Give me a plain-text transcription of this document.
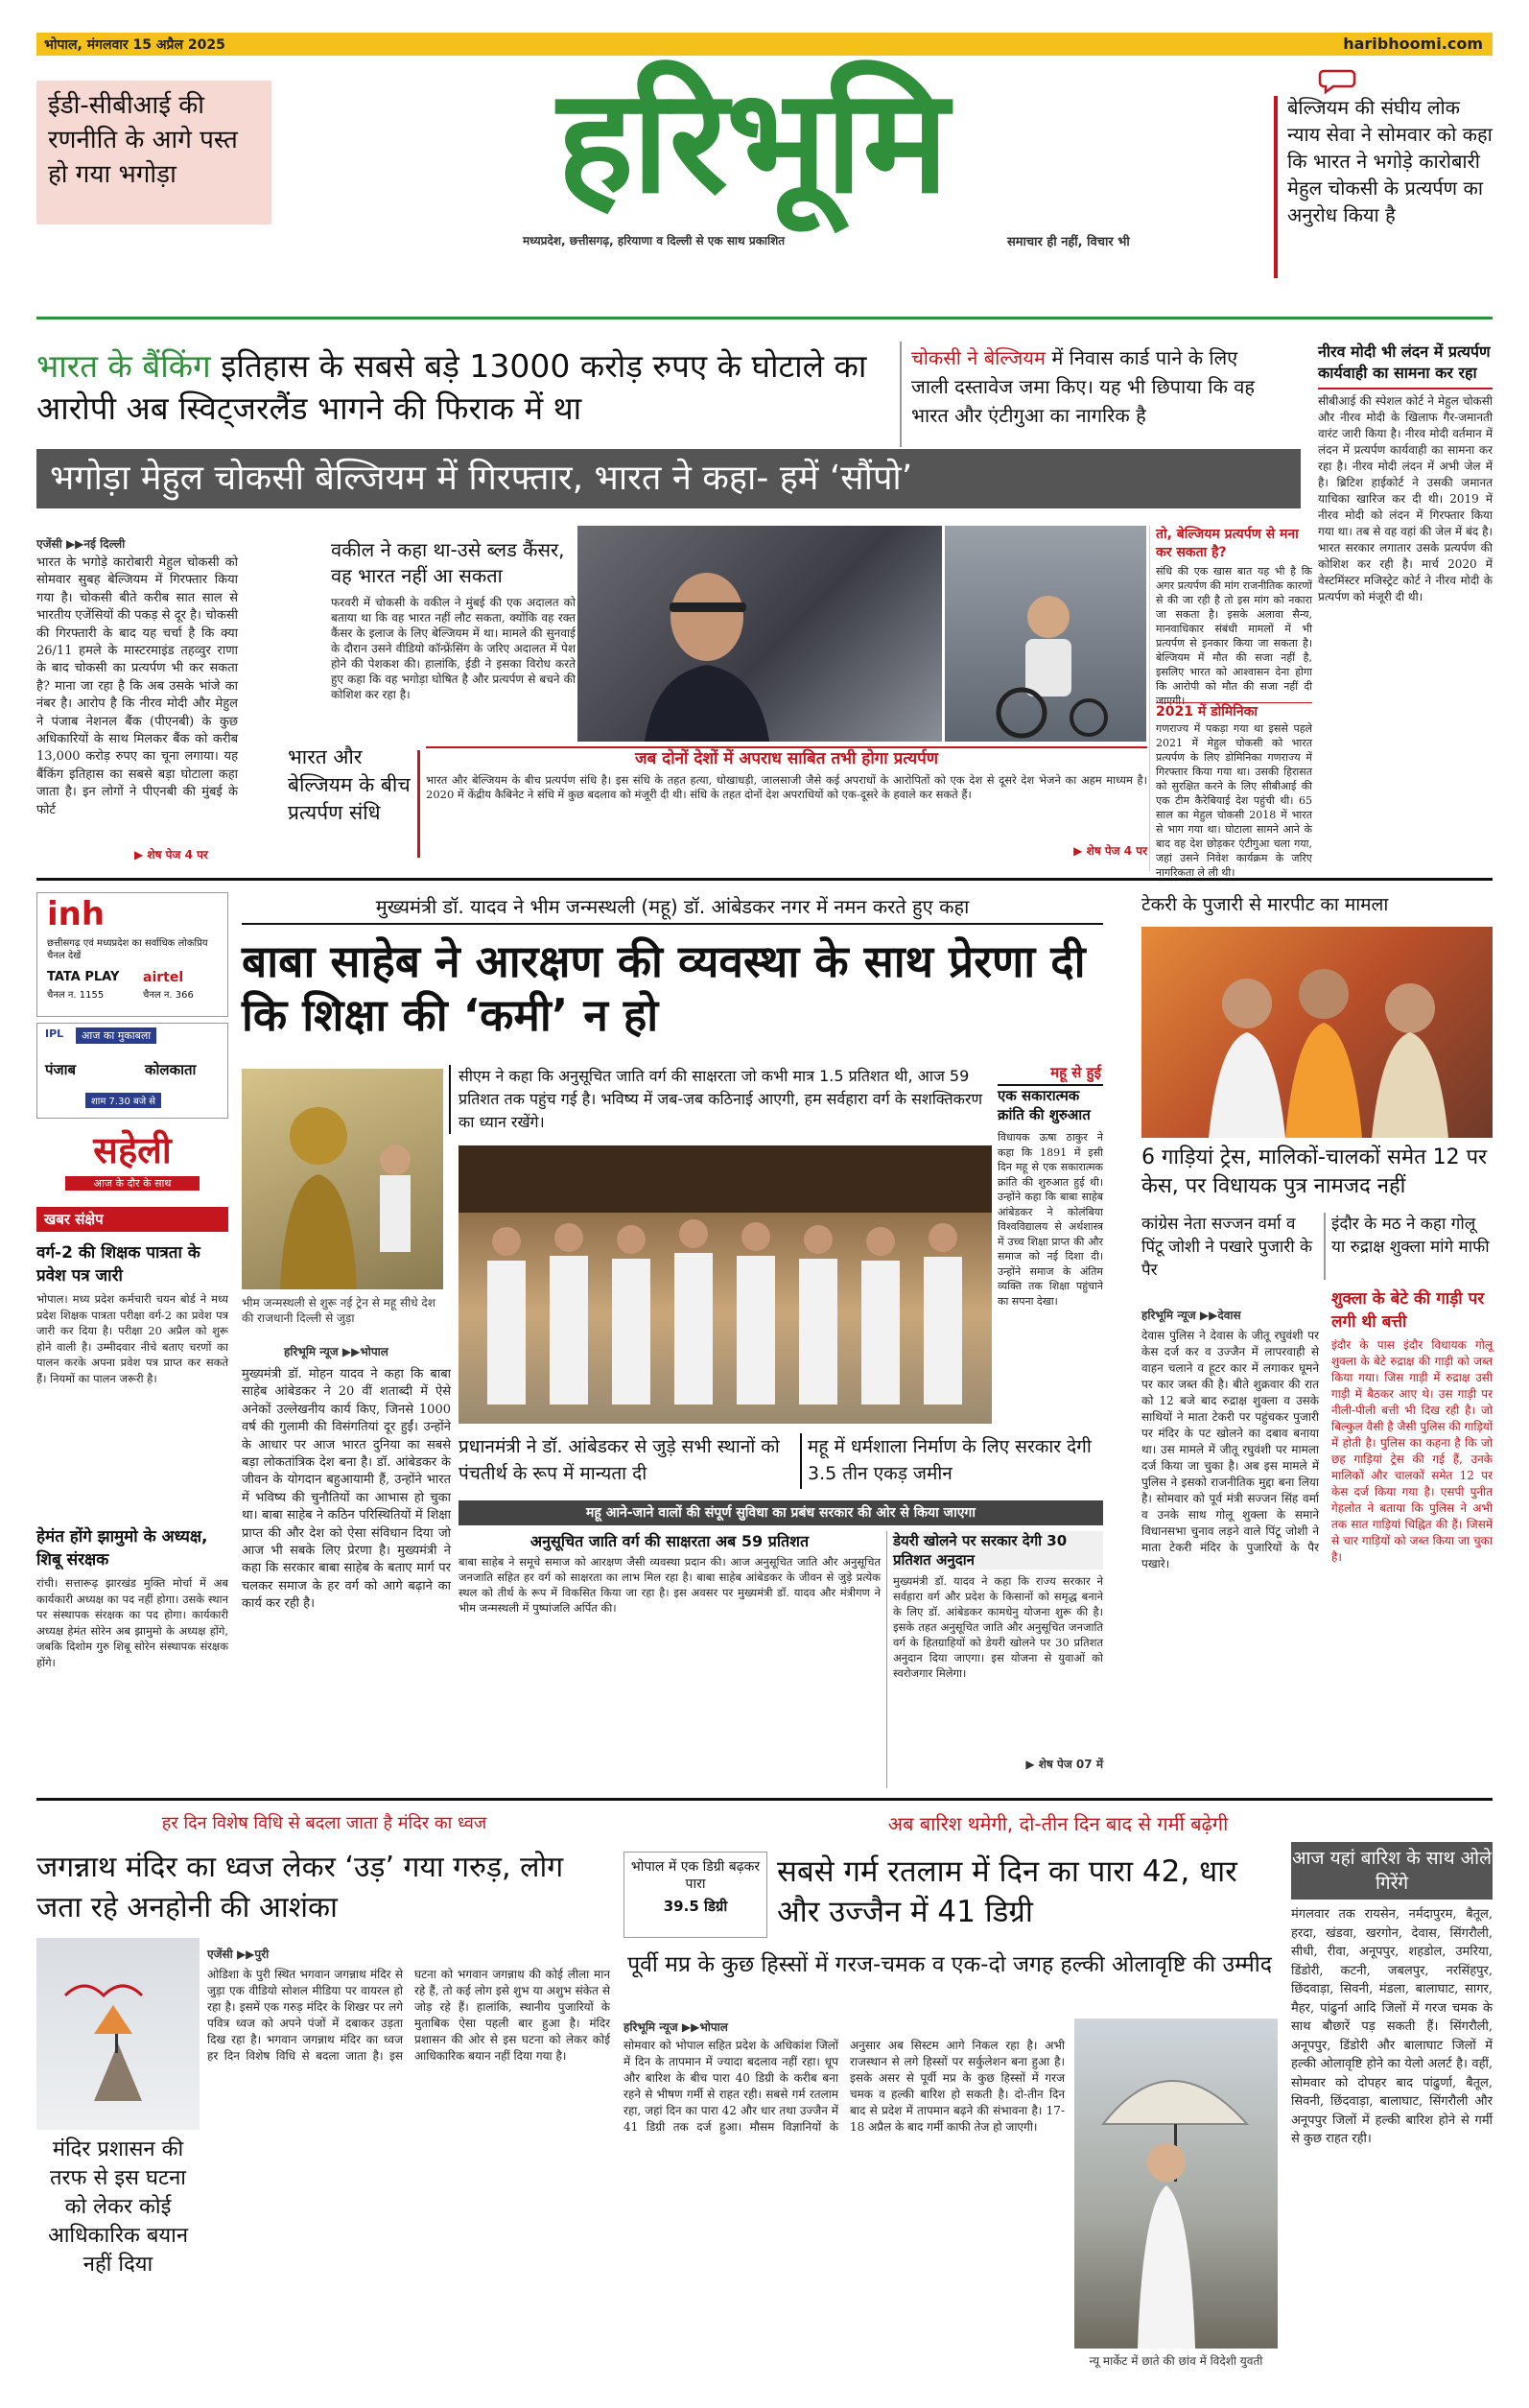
भोपाल, मंगलवार 15 अप्रैल 2025	haribhoomi.com
ईडी-सीबीआई की रणनीति के आगे पस्त हो गया भगोड़ा	हरिभूमि
मध्यप्रदेश, छत्तीसगढ़, हरियाणा व दिल्ली से एक साथ प्रकाशित	समाचार ही नहीं, विचार भी
बेल्जियम की संघीय लोक न्याय सेवा ने सोमवार को कहा कि भारत ने भगोड़े कारोबारी मेहुल चोकसी के प्रत्यर्पण का अनुरोध किया है
भारत के बैंकिंग इतिहास के सबसे बड़े 13000 करोड़ रुपए के घोटाले का आरोपी अब स्विट्जरलैंड भागने की फिराक में था
चोकसी ने बेल्जियम में निवास कार्ड पाने के लिए जाली दस्तावेज जमा किए। यह भी छिपाया कि वह भारत और एंटीगुआ का नागरिक है
भगोड़ा मेहुल चोकसी बेल्जियम में गिरफ्तार, भारत ने कहा- हमें ‘सौंपो’
नीरव मोदी भी लंदन में प्रत्यर्पण कार्यवाही का सामना कर रहा
सीबीआई की स्पेशल कोर्ट ने मेहुल चोकसी और नीरव मोदी के खिलाफ गैर-जमानती वारंट जारी किया है। नीरव मोदी वर्तमान में लंदन में प्रत्यर्पण कार्यवाही का सामना कर रहा है। नीरव मोदी लंदन में अभी जेल में है। ब्रिटिश हाईकोर्ट ने उसकी जमानत याचिका खारिज कर दी थी। 2019 में नीरव मोदी को लंदन में गिरफ्तार किया गया था। तब से वह वहां की जेल में बंद है। भारत सरकार लगातार उसके प्रत्यर्पण की कोशिश कर रही है। मार्च 2020 में वेस्टमिंस्टर मजिस्ट्रेट कोर्ट ने नीरव मोदी के प्रत्यर्पण को मंजूरी दी थी।
एजेंसी ▶▶नई दिल्ली
भारत के भगोड़े कारोबारी मेहुल चोकसी को सोमवार सुबह बेल्जियम में गिरफ्तार किया गया है। चोकसी बीते करीब सात साल से भारतीय एजेंसियों की पकड़ से दूर है। चोकसी की गिरफ्तारी के बाद यह चर्चा है कि क्या 26/11 हमले के मास्टरमाइंड तहव्वुर राणा के बाद चोकसी का प्रत्यर्पण भी कर सकता है? माना जा रहा है कि अब उसके भांजे का नंबर है। आरोप है कि नीरव मोदी और मेहुल ने पंजाब नेशनल बैंक (पीएनबी) के कुछ अधिकारियों के साथ मिलकर बैंक को करीब 13,000 करोड़ रुपए का चूना लगाया। यह बैंकिंग इतिहास का सबसे बड़ा घोटाला कहा जाता है। इन लोगों ने पीएनबी की मुंबई के फोर्ट
▶ शेष पेज 4 पर
वकील ने कहा था-उसे ब्लड कैंसर, वह भारत नहीं आ सकता
फरवरी में चोकसी के वकील ने मुंबई की एक अदालत को बताया था कि वह भारत नहीं लौट सकता, क्योंकि वह रक्त कैंसर के इलाज के लिए बेल्जियम में था। मामले की सुनवाई के दौरान उसने वीडियो कॉन्फ्रेंसिंग के जरिए अदालत में पेश होने की पेशकश की। हालांकि, ईडी ने इसका विरोध करते हुए कहा कि वह भगोड़ा घोषित है और प्रत्यर्पण से बचने की कोशिश कर रहा है।
भारत और बेल्जियम के बीच प्रत्यर्पण संधि
जब दोनों देशों में अपराध साबित तभी होगा प्रत्यर्पण
भारत और बेल्जियम के बीच प्रत्यर्पण संधि है। इस संधि के तहत हत्या, धोखाधड़ी, जालसाजी जैसे कई अपराधों के आरोपितों को एक देश से दूसरे देश भेजने का अहम माध्यम है। 2020 में केंद्रीय कैबिनेट ने संधि में कुछ बदलाव को मंजूरी दी थी। संधि के तहत दोनों देश अपराधियों को एक-दूसरे के हवाले कर सकते हैं।
▶ शेष पेज 4 पर
inh
छत्तीसगढ़ एवं मध्यप्रदेश का सर्वाधिक लोकप्रिय चैनल देखें
TATA PLAY
चैनल न. 1155
airtel
चैनल न. 366
IPL	आज का मुकाबला
पंजाब	कोलकाता
शाम 7.30 बजे से
सहेली
आज के दौर के साथ
खबर संक्षेप
वर्ग-2 की शिक्षक पात्रता के प्रवेश पत्र जारी
भोपाल। मध्य प्रदेश कर्मचारी चयन बोर्ड ने मध्य प्रदेश शिक्षक पात्रता परीक्षा वर्ग-2 का प्रवेश पत्र जारी कर दिया है। परीक्षा 20 अप्रैल को शुरू होने वाली है। उम्मीदवार नीचे बताए चरणों का पालन करके अपना प्रवेश पत्र प्राप्त कर सकते हैं। नियमों का पालन जरूरी है।
हेमंत होंगे झामुमो के अध्यक्ष, शिबू संरक्षक
रांची। सत्तारूढ़ झारखंड मुक्ति मोर्चा में अब कार्यकारी अध्यक्ष का पद नहीं होगा। उसके स्थान पर संस्थापक संरक्षक का पद होगा। कार्यकारी अध्यक्ष हेमंत सोरेन अब झामुमो के अध्यक्ष होंगे, जबकि दिशोम गुरु शिबू सोरेन संस्थापक संरक्षक होंगे।
मुख्यमंत्री डॉ. यादव ने भीम जन्मस्थली (महू) डॉ. आंबेडकर नगर में नमन करते हुए कहा
बाबा साहेब ने आरक्षण की व्यवस्था के साथ प्रेरणा दी कि शिक्षा की ‘कमी’ न हो
सीएम ने कहा कि अनुसूचित जाति वर्ग की साक्षरता जो कभी मात्र 1.5 प्रतिशत थी, आज 59 प्रतिशत तक पहुंच गई है। भविष्य में जब-जब कठिनाई आएगी, हम सर्वहारा वर्ग के सशक्तिकरण का ध्यान रखेंगे।
महू से हुई
एक सकारात्मक क्रांति की शुरुआत
विधायक ऊषा ठाकुर ने कहा कि 1891 में इसी दिन महू से एक सकारात्मक क्रांति की शुरुआत हुई थी। उन्होंने कहा कि बाबा साहेब आंबेडकर ने कोलंबिया विश्वविद्यालय से अर्थशास्त्र में उच्च शिक्षा प्राप्त की और समाज को नई दिशा दी। उन्होंने समाज के अंतिम व्यक्ति तक शिक्षा पहुंचाने का सपना देखा।
भीम जन्मस्थली से शुरू नई ट्रेन से महू सीधे देश की राजधानी दिल्ली से जुड़ा
हरिभूमि न्यूज ▶▶भोपाल
मुख्यमंत्री डॉ. मोहन यादव ने कहा कि बाबा साहेब आंबेडकर ने 20 वीं शताब्दी में ऐसे अनेकों उल्लेखनीय कार्य किए, जिनसे 1000 वर्ष की गुलामी की विसंगतियां दूर हुईं। उन्होंने के आधार पर आज भारत दुनिया का सबसे बड़ा लोकतांत्रिक देश बना है। डॉ. आंबेडकर के जीवन के योगदान बहुआयामी हैं, उन्होंने भारत में भविष्य की चुनौतियों का आभास हो चुका था। बाबा साहेब ने कठिन परिस्थितियों में शिक्षा प्राप्त की और देश को ऐसा संविधान दिया जो आज भी सबके लिए प्रेरणा है। मुख्यमंत्री ने कहा कि सरकार बाबा साहेब के बताए मार्ग पर चलकर समाज के हर वर्ग को आगे बढ़ाने का कार्य कर रही है।
प्रधानमंत्री ने डॉ. आंबेडकर से जुड़े सभी स्थानों को पंचतीर्थ के रूप में मान्यता दी
महू में धर्मशाला निर्माण के लिए सरकार देगी 3.5 तीन एकड़ जमीन
महू आने-जाने वालों की संपूर्ण सुविधा का प्रबंध सरकार की ओर से किया जाएगा
अनुसूचित जाति वर्ग की साक्षरता अब 59 प्रतिशत
बाबा साहेब ने समूचे समाज को आरक्षण जैसी व्यवस्था प्रदान की। आज अनुसूचित जाति और अनुसूचित जनजाति सहित हर वर्ग को साक्षरता का लाभ मिल रहा है। बाबा साहेब आंबेडकर के जीवन से जुड़े प्रत्येक स्थल को तीर्थ के रूप में विकसित किया जा रहा है। इस अवसर पर मुख्यमंत्री डॉ. यादव और मंत्रीगण ने भीम जन्मस्थली में पुष्पांजलि अर्पित की।
डेयरी खोलने पर सरकार देगी 30 प्रतिशत अनुदान
मुख्यमंत्री डॉ. यादव ने कहा कि राज्य सरकार ने सर्वहारा वर्ग और प्रदेश के किसानों को समृद्ध बनाने के लिए डॉ. आंबेडकर कामधेनु योजना शुरू की है। इसके तहत अनुसूचित जाति और अनुसूचित जनजाति वर्ग के हितग्राहियों को डेयरी खोलने पर 30 प्रतिशत अनुदान दिया जाएगा। इस योजना से युवाओं को स्वरोजगार मिलेगा।
▶ शेष पेज 07 में
टेकरी के पुजारी से मारपीट का मामला
6 गाड़ियां ट्रेस, मालिकों-चालकों समेत 12 पर केस, पर विधायक पुत्र नामजद नहीं
कांग्रेस नेता सज्जन वर्मा व पिंटू जोशी ने पखारे पुजारी के पैर
इंदौर के मठ ने कहा गोलू या रुद्राक्ष शुक्ला मांगे माफी
हरिभूमि न्यूज ▶▶देवास
देवास पुलिस ने देवास के जीतू रघुवंशी पर केस दर्ज कर व उज्जैन में लापरवाही से वाहन चलाने व हूटर कार में लगाकर घूमने पर कार जब्त की है। बीते शुक्रवार की रात को 12 बजे बाद रुद्राक्ष शुक्ला व उसके साथियों ने माता टेकरी पर पहुंचकर पुजारी पर मंदिर के पट खोलने का दबाव बनाया था। उस मामले में जीतू रघुवंशी पर मामला दर्ज किया जा चुका है। अब इस मामले में पुलिस ने इसको राजनीतिक मुद्दा बना लिया है। सोमवार को पूर्व मंत्री सज्जन सिंह वर्मा व उनके साथ गोलू शुक्ला के समाने विधानसभा चुनाव लड़ने वाले पिंटू जोशी ने माता टेकरी मंदिर के पुजारियों के पैर पखारे।
शुक्ला के बेटे की गाड़ी पर लगी थी बत्ती
इंदौर के पास इंदौर विधायक गोलू शुक्ला के बेटे रुद्राक्ष की गाड़ी को जब्त किया गया। जिस गाड़ी में रुद्राक्ष उसी गाड़ी में बैठकर आए थे। उस गाड़ी पर नीली-पीली बत्ती भी दिख रही है। जो बिल्कुल वैसी है जैसी पुलिस की गाड़ियों में होती है। पुलिस का कहना है कि जो छह गाड़ियां ट्रेस की गई हैं, उनके मालिकों और चालकों समेत 12 पर केस दर्ज किया गया है। एसपी पुनीत गेहलोत ने बताया कि पुलिस ने अभी तक सात गाड़ियां चिह्नित की हैं। जिसमें से चार गाड़ियों को जब्त किया जा चुका है।
हर दिन विशेष विधि से बदला जाता है मंदिर का ध्वज
जगन्नाथ मंदिर का ध्वज लेकर ‘उड़’ गया गरुड़, लोग जता रहे अनहोनी की आशंका
मंदिर प्रशासन की तरफ से इस घटना को लेकर कोई आधिकारिक बयान नहीं दिया
एजेंसी ▶▶पुरी
ओडिशा के पुरी स्थित भगवान जगन्नाथ मंदिर से जुड़ा एक वीडियो सोशल मीडिया पर वायरल हो रहा है। इसमें एक गरुड़ मंदिर के शिखर पर लगे पवित्र ध्वज को अपने पंजों में दबाकर उड़ता दिख रहा है। भगवान जगन्नाथ मंदिर का ध्वज हर दिन विशेष विधि से बदला जाता है। इस घटना को भगवान जगन्नाथ की कोई लीला मान रहे हैं, तो कई लोग इसे शुभ या अशुभ संकेत से जोड़ रहे हैं। हालांकि, स्थानीय पुजारियों के मुताबिक ऐसा पहली बार हुआ है। मंदिर प्रशासन की ओर से इस घटना को लेकर कोई आधिकारिक बयान नहीं दिया गया है।
अब बारिश थमेगी, दो-तीन दिन बाद से गर्मी बढ़ेगी
भोपाल में एक डिग्री बढ़कर पारा
39.5 डिग्री
सबसे गर्म रतलाम में दिन का पारा 42, धार और उज्जैन में 41 डिग्री
पूर्वी मप्र के कुछ हिस्सों में गरज-चमक व एक-दो जगह हल्की ओलावृष्टि की उम्मीद
हरिभूमि न्यूज ▶▶भोपाल
सोमवार को भोपाल सहित प्रदेश के अधिकांश जिलों में दिन के तापमान में ज्यादा बदलाव नहीं रहा। धूप और बारिश के बीच पारा 40 डिग्री के करीब बना रहने से भीषण गर्मी से राहत रही। सबसे गर्म रतलाम रहा, जहां दिन का पारा 42 और धार तथा उज्जैन में 41 डिग्री तक दर्ज हुआ। मौसम विज्ञानियों के अनुसार अब सिस्टम आगे निकल रहा है। अभी राजस्थान से लगे हिस्सों पर सर्कुलेशन बना हुआ है। इसके असर से पूर्वी मप्र के कुछ हिस्सों में गरज चमक व हल्की बारिश हो सकती है। दो-तीन दिन बाद से प्रदेश में तापमान बढ़ने की संभावना है। 17-18 अप्रैल के बाद गर्मी काफी तेज हो जाएगी।
न्यू मार्केट में छाते की छांव में विदेशी युवती
आज यहां बारिश के साथ ओले गिरेंगे
मंगलवार तक रायसेन, नर्मदापुरम, बैतूल, हरदा, खंडवा, खरगोन, देवास, सिंगरौली, सीधी, रीवा, अनूपपुर, शहडोल, उमरिया, डिंडोरी, कटनी, जबलपुर, नरसिंहपुर, छिंदवाड़ा, सिवनी, मंडला, बालाघाट, सागर, मैहर, पांढुर्ना आदि जिलों में गरज चमक के साथ बौछारें पड़ सकती हैं। सिंगरौली, अनूपपुर, डिंडोरी और बालाघाट जिलों में हल्की ओलावृष्टि होने का येलो अलर्ट है। वहीं, सोमवार को दोपहर बाद पांढुर्णा, बैतूल, सिवनी, छिंदवाड़ा, बालाघाट, सिंगरौली और अनूपपुर जिलों में हल्की बारिश होने से गर्मी से कुछ राहत रही।
तो, बेल्जियम प्रत्यर्पण से मना कर सकता है?
संधि की एक खास बात यह भी है कि अगर प्रत्यर्पण की मांग राजनीतिक कारणों से की जा रही है तो इस मांग को नकारा जा सकता है। इसके अलावा सैन्य, मानवाधिकार संबंधी मामलों में भी प्रत्यर्पण से इनकार किया जा सकता है। बेल्जियम में मौत की सजा नहीं है, इसलिए भारत को आश्वासन देना होगा कि आरोपी को मौत की सजा नहीं दी जाएगी।
2021 में डोमिनिका
गणराज्य में पकड़ा गया था इससे पहले 2021 में मेहुल चोकसी को भारत प्रत्यर्पण के लिए डोमिनिका गणराज्य में गिरफ्तार किया गया था। उसकी हिरासत को सुरक्षित करने के लिए सीबीआई की एक टीम कैरेबियाई देश पहुंची थी। 65 साल का मेहुल चोकसी 2018 में भारत से भाग गया था। घोटाला सामने आने के बाद वह देश छोड़कर एंटीगुआ चला गया, जहां उसने निवेश कार्यक्रम के जरिए नागरिकता ले ली थी।
